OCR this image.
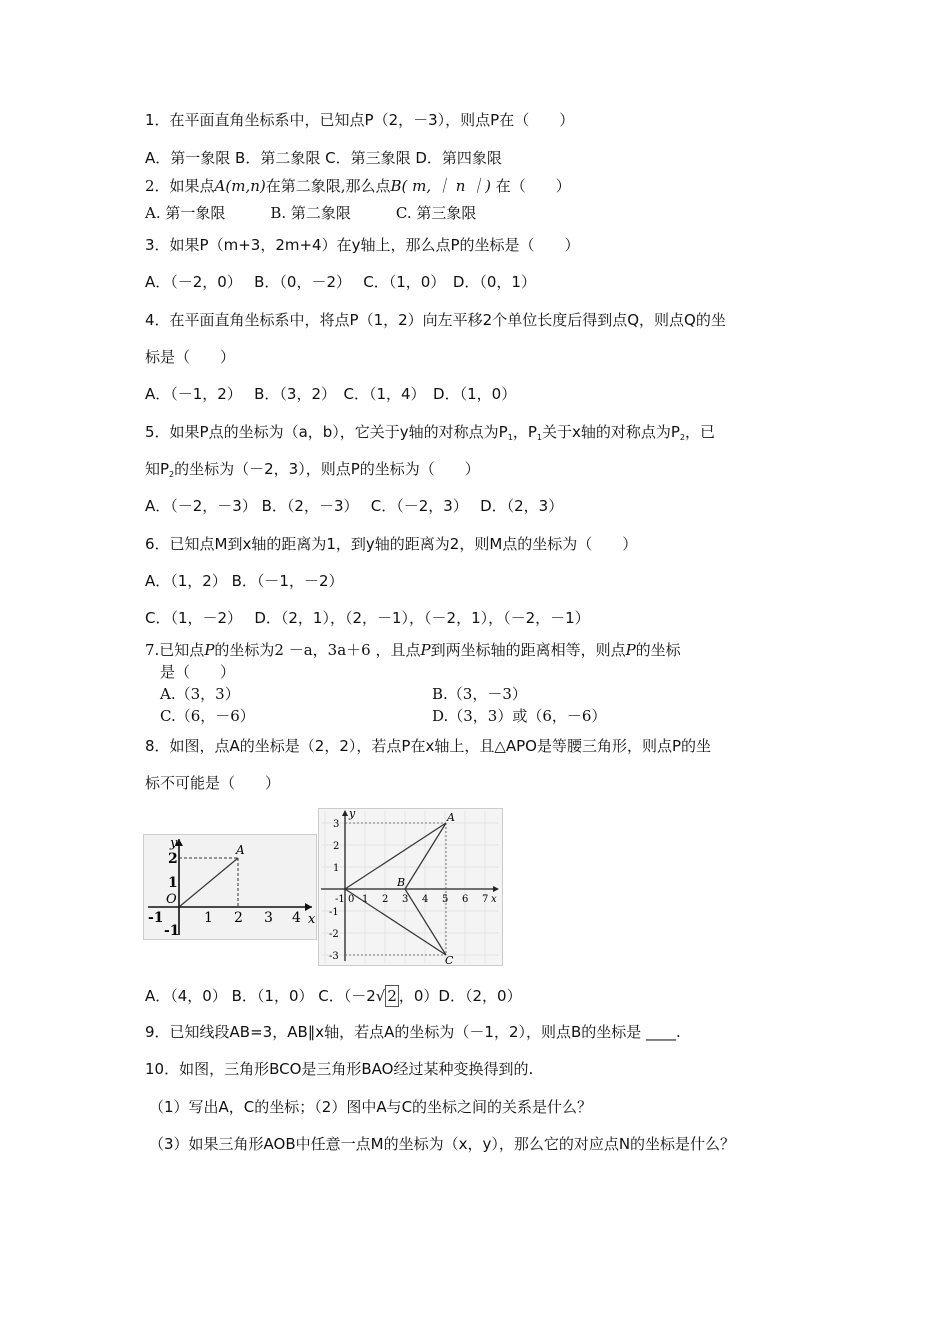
1．在平面直角坐标系中，已知点P（2，－3），则点P在（　　）
A．第一象限 B．第二象限 C．第三象限 D．第四象限
2．如果点A(m,n)在第二象限,那么点B( m, ｜ n ｜) 在（　　）
A. 第一象限　　　B. 第二象限　　　C. 第三象限
3．如果P（m+3，2m+4）在y轴上，那么点P的坐标是（　　）
A．（－2，0）　 B．（0，－2）　 C．（1，0）　D．（0，1）
4．在平面直角坐标系中，将点P（1，2）向左平移2个单位长度后得到点Q，则点Q的坐
标是（　　）
A．（－1，2）　 B．（3，2）　C．（1，4）　D．（1，0）
5．如果P点的坐标为（a，b），它关于y轴的对称点为$P_1$，$P_1$关于x轴的对称点为$P_2$，已
知$P_2$的坐标为（－2，3），则点P的坐标为（　　）
A．（－2，－3） B．（2，－3）　 C．（－2，3）　 D．（2，3）
6．已知点M到x轴的距离为1，到y轴的距离为2，则M点的坐标为（　　）
A．（1，2） B．（－1，－2）
C．（1，－2）　 D．（2，1），（2，－1），（－2，1），（－2，－1）
7.已知点P的坐标为2 －a，3a＋6 ，且点P到两坐标轴的距离相等，则点P的坐标
是（　　）
A.（3，3）	B.（3，－3）
C.（6，－6）	D.（3，3）或（6，－6）
8．如图，点A的坐标是（2，2），若点P在x轴上，且△APO是等腰三角形，则点P的坐
标不可能是（　　）
y
x
A
O
-1	1 2 3 4
2
1
-1
y	A
B
C
-1 0 1 2 3 4 5 6 7 x
3
2
1
-1
-2
-3
A．（4，0） B．（1，0） C．（－2√ 2 ，0）D．（2，0）
9．已知线段AB=3，AB∥x轴，若点A的坐标为（－1，2），则点B的坐标是 ____.
10．如图，三角形BCO是三角形BAO经过某种变换得到的.
（1）写出A，C的坐标；（2）图中A与C的坐标之间的关系是什么？
（3）如果三角形AOB中任意一点M的坐标为（x，y），那么它的对应点N的坐标是什么？
